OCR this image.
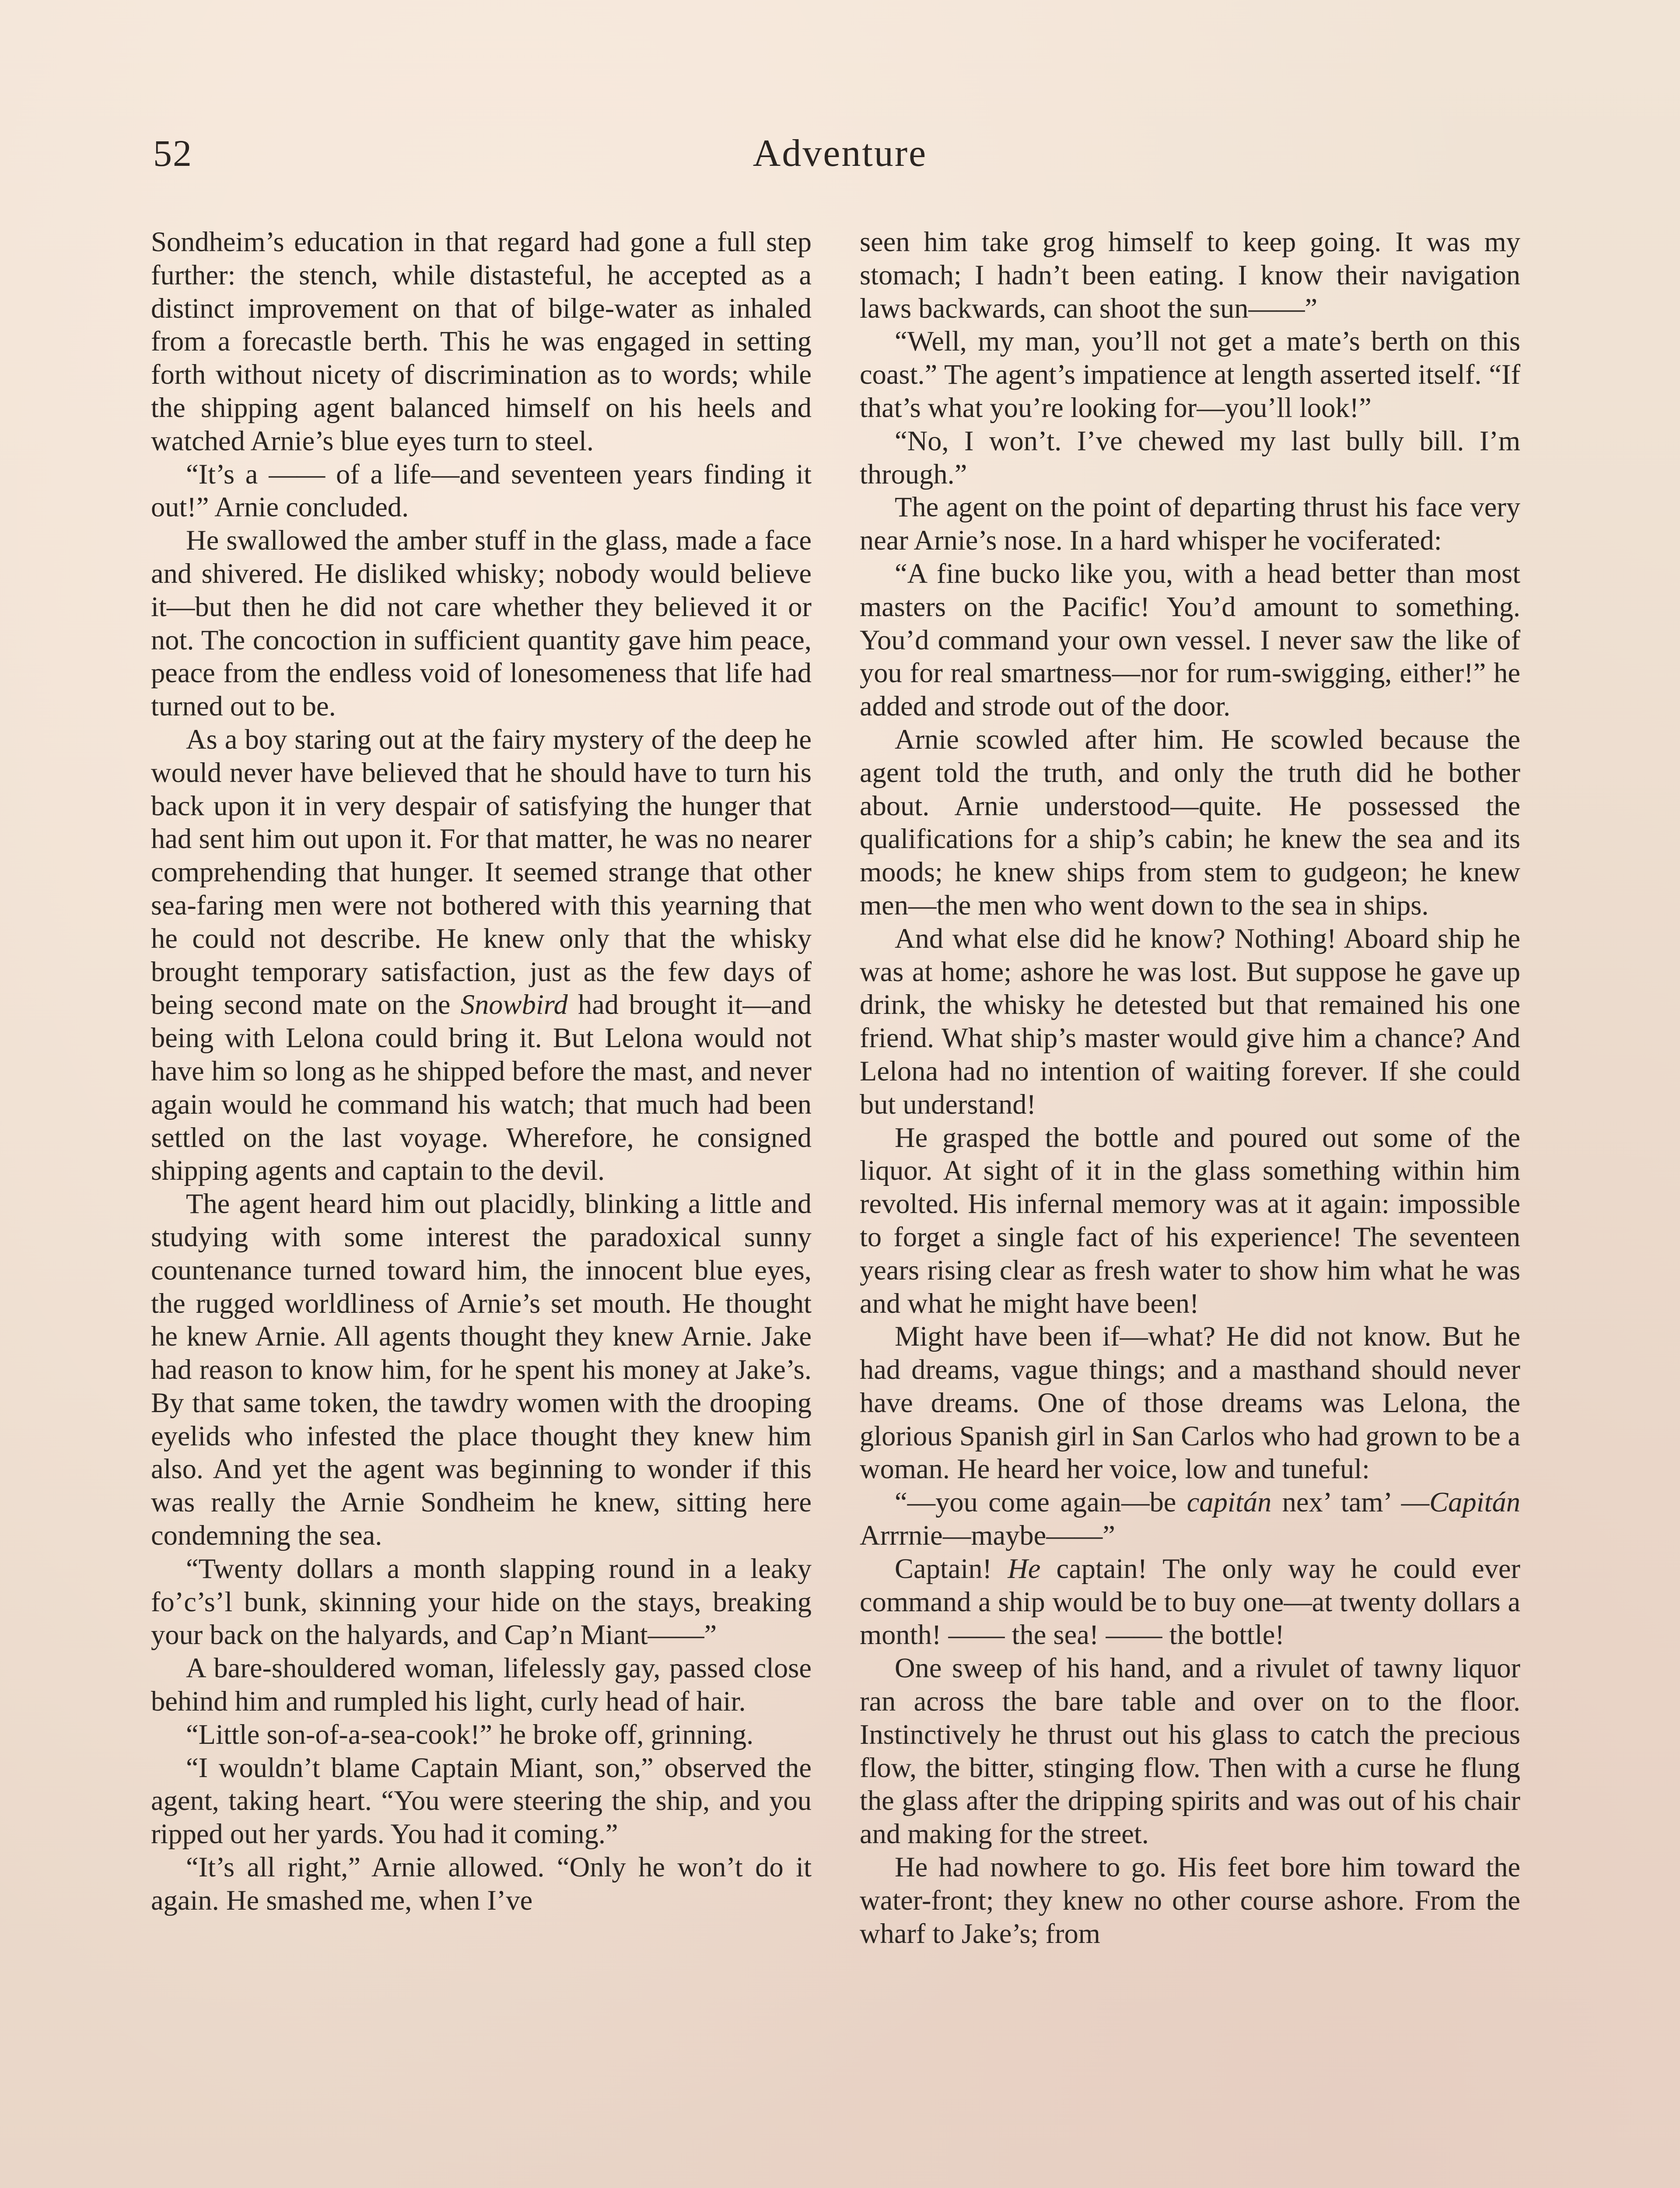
52	Adventure

Sondheim’s education in that regard had gone a full step further: the stench, while distasteful, he accepted as a distinct improvement on that of bilge-water as inhaled from a forecastle berth. This he was engaged in setting forth without nicety of discrimination as to words; while the shipping agent balanced himself on his heels and watched Arnie’s blue eyes turn to steel.

“It’s a —— of a life—and seventeen years finding it out!” Arnie concluded.

He swallowed the amber stuff in the glass, made a face and shivered. He disliked whisky; nobody would believe it—but then he did not care whether they believed it or not. The concoction in sufficient quantity gave him peace, peace from the endless void of lonesomeness that life had turned out to be.

As a boy staring out at the fairy mystery of the deep he would never have believed that he should have to turn his back upon it in very despair of satisfying the hunger that had sent him out upon it. For that matter, he was no nearer comprehending that hunger. It seemed strange that other sea-faring men were not bothered with this yearning that he could not describe. He knew only that the whisky brought temporary satisfaction, just as the few days of being second mate on the Snowbird had brought it—and being with Lelona could bring it. But Lelona would not have him so long as he shipped before the mast, and never again would he command his watch; that much had been settled on the last voyage. Wherefore, he consigned shipping agents and captain to the devil.

The agent heard him out placidly, blinking a little and studying with some interest the paradoxical sunny countenance turned toward him, the innocent blue eyes, the rugged worldliness of Arnie’s set mouth. He thought he knew Arnie. All agents thought they knew Arnie. Jake had reason to know him, for he spent his money at Jake’s. By that same token, the tawdry women with the drooping eyelids who infested the place thought they knew him also. And yet the agent was beginning to wonder if this was really the Arnie Sondheim he knew, sitting here condemning the sea.

“Twenty dollars a month slapping round in a leaky fo’c’s’l bunk, skinning your hide on the stays, breaking your back on the halyards, and Cap’n Miant——”

A bare-shouldered woman, lifelessly gay, passed close behind him and rumpled his light, curly head of hair.

“Little son-of-a-sea-cook!” he broke off, grinning.

“I wouldn’t blame Captain Miant, son,” observed the agent, taking heart. “You were steering the ship, and you ripped out her yards. You had it coming.”

“It’s all right,” Arnie allowed. “Only he won’t do it again. He smashed me, when I’ve

seen him take grog himself to keep going. It was my stomach; I hadn’t been eating. I know their navigation laws backwards, can shoot the sun——”

“Well, my man, you’ll not get a mate’s berth on this coast.” The agent’s impatience at length asserted itself. “If that’s what you’re looking for—you’ll look!”

“No, I won’t. I’ve chewed my last bully bill. I’m through.”

The agent on the point of departing thrust his face very near Arnie’s nose. In a hard whisper he vociferated:

“A fine bucko like you, with a head better than most masters on the Pacific! You’d amount to something. You’d command your own vessel. I never saw the like of you for real smartness—nor for rum-swigging, either!” he added and strode out of the door.

Arnie scowled after him. He scowled because the agent told the truth, and only the truth did he bother about. Arnie understood—quite. He possessed the qualifications for a ship’s cabin; he knew the sea and its moods; he knew ships from stem to gudgeon; he knew men—the men who went down to the sea in ships.

And what else did he know? Nothing! Aboard ship he was at home; ashore he was lost. But suppose he gave up drink, the whisky he detested but that remained his one friend. What ship’s master would give him a chance? And Lelona had no intention of waiting forever. If she could but understand!

He grasped the bottle and poured out some of the liquor. At sight of it in the glass something within him revolted. His infernal memory was at it again: impossible to forget a single fact of his experience! The seventeen years rising clear as fresh water to show him what he was and what he might have been!

Might have been if—what? He did not know. But he had dreams, vague things; and a masthand should never have dreams. One of those dreams was Lelona, the glorious Spanish girl in San Carlos who had grown to be a woman. He heard her voice, low and tuneful:

“—you come again—be capitán nex’ tam’ —Capitán Arrrnie—maybe——”

Captain! He captain! The only way he could ever command a ship would be to buy one—at twenty dollars a month! —— the sea! —— the bottle!

One sweep of his hand, and a rivulet of tawny liquor ran across the bare table and over on to the floor. Instinctively he thrust out his glass to catch the precious flow, the bitter, stinging flow. Then with a curse he flung the glass after the dripping spirits and was out of his chair and making for the street.

He had nowhere to go. His feet bore him toward the water-front; they knew no other course ashore. From the wharf to Jake’s; from
